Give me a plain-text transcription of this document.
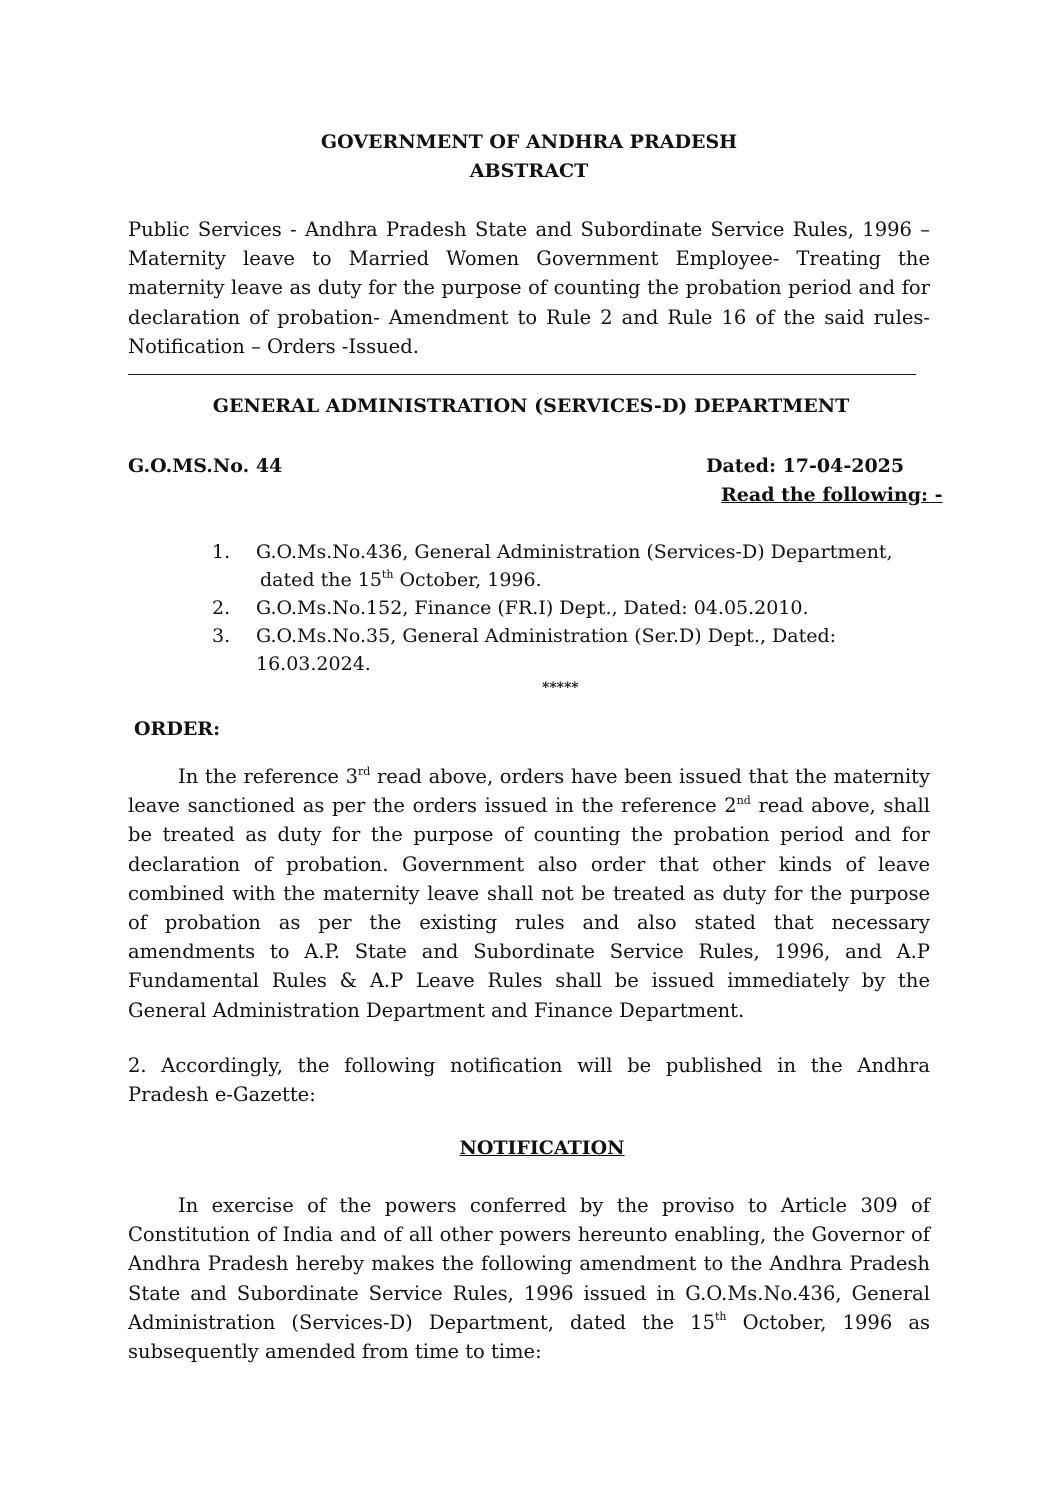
GOVERNMENT OF ANDHRA PRADESH
ABSTRACT
Public Services - Andhra Pradesh State and Subordinate Service Rules, 1996 – Maternity leave to Married Women Government Employee- Treating the maternity leave as duty for the purpose of counting the probation period and for declaration of probation- Amendment to Rule 2 and Rule 16 of the said rules- Notification – Orders -Issued.
GENERAL ADMINISTRATION (SERVICES-D) DEPARTMENT
G.O.MS.No. 44	Dated: 17-04-2025
Read the following: -
1. G.O.Ms.No.436, General Administration (Services-D) Department,
dated the 15th October, 1996.
2. G.O.Ms.No.152, Finance (FR.I) Dept., Dated: 04.05.2010.
3. G.O.Ms.No.35, General Administration (Ser.D) Dept., Dated: 16.03.2024.
*****
ORDER:
In the reference 3rd read above, orders have been issued that the maternity leave sanctioned as per the orders issued in the reference 2nd read above, shall be treated as duty for the purpose of counting the probation period and for declaration of probation. Government also order that other kinds of leave combined with the maternity leave shall not be treated as duty for the purpose of probation as per the existing rules and also stated that necessary amendments to A.P. State and Subordinate Service Rules, 1996, and A.P Fundamental Rules & A.P Leave Rules shall be issued immediately by the General Administration Department and Finance Department.
2. Accordingly, the following notification will be published in the Andhra Pradesh e-Gazette:
NOTIFICATION
In exercise of the powers conferred by the proviso to Article 309 of Constitution of India and of all other powers hereunto enabling, the Governor of Andhra Pradesh hereby makes the following amendment to the Andhra Pradesh State and Subordinate Service Rules, 1996 issued in G.O.Ms.No.436, General Administration (Services-D) Department, dated the 15th October, 1996 as subsequently amended from time to time:
